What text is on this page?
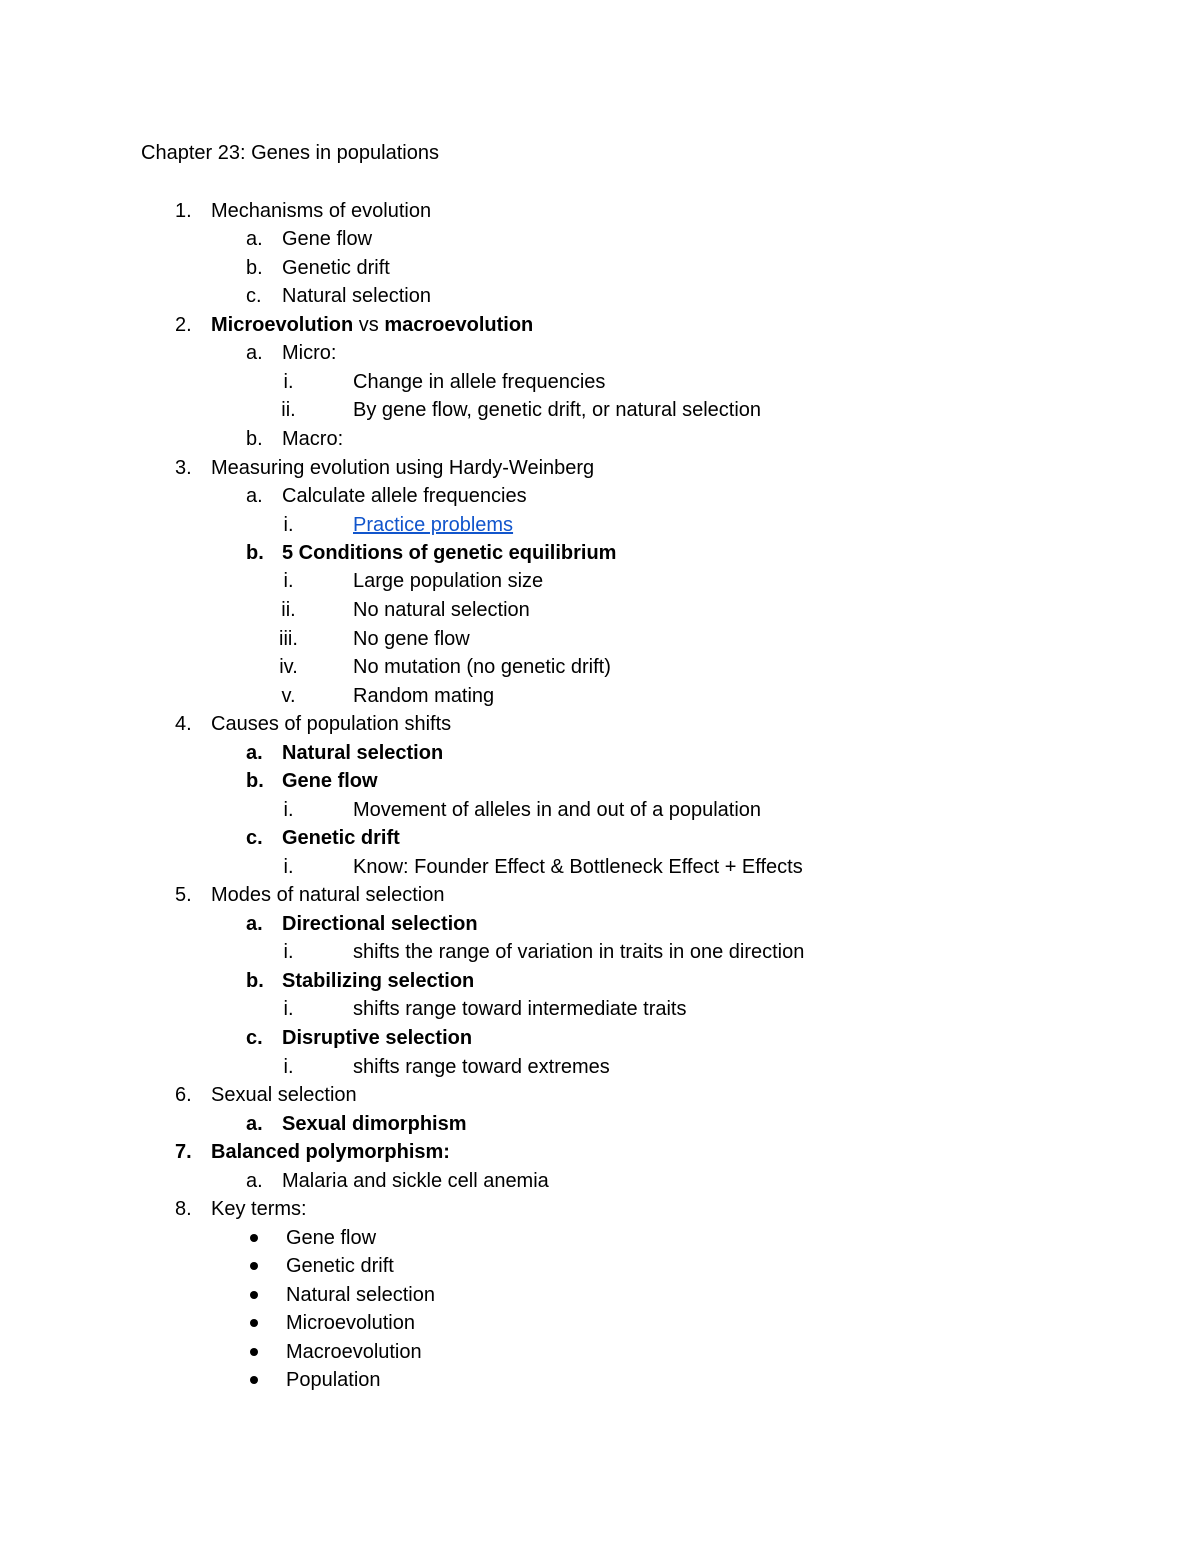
Chapter 23: Genes in populations
1. Mechanisms of evolution
a. Gene flow
b. Genetic drift
c. Natural selection
2. Microevolution vs macroevolution
a. Micro:
i.	Change in allele frequencies
ii.	By gene flow, genetic drift, or natural selection
b. Macro:
3. Measuring evolution using Hardy-Weinberg
a. Calculate allele frequencies
i.	Practice problems
b. 5 Conditions of genetic equilibrium
i.	Large population size
ii.	No natural selection
iii.	No gene flow
iv.	No mutation (no genetic drift)
v.	Random mating
4. Causes of population shifts
a. Natural selection
b. Gene flow
i.	Movement of alleles in and out of a population
c. Genetic drift
i.	Know: Founder Effect & Bottleneck Effect + Effects
5. Modes of natural selection
a. Directional selection
i.	shifts the range of variation in traits in one direction
b. Stabilizing selection
i.	shifts range toward intermediate traits
c. Disruptive selection
i.	shifts range toward extremes
6. Sexual selection
a. Sexual dimorphism
7. Balanced polymorphism:
a. Malaria and sickle cell anemia
8. Key terms:
Gene flow
Genetic drift
Natural selection
Microevolution
Macroevolution
Population
